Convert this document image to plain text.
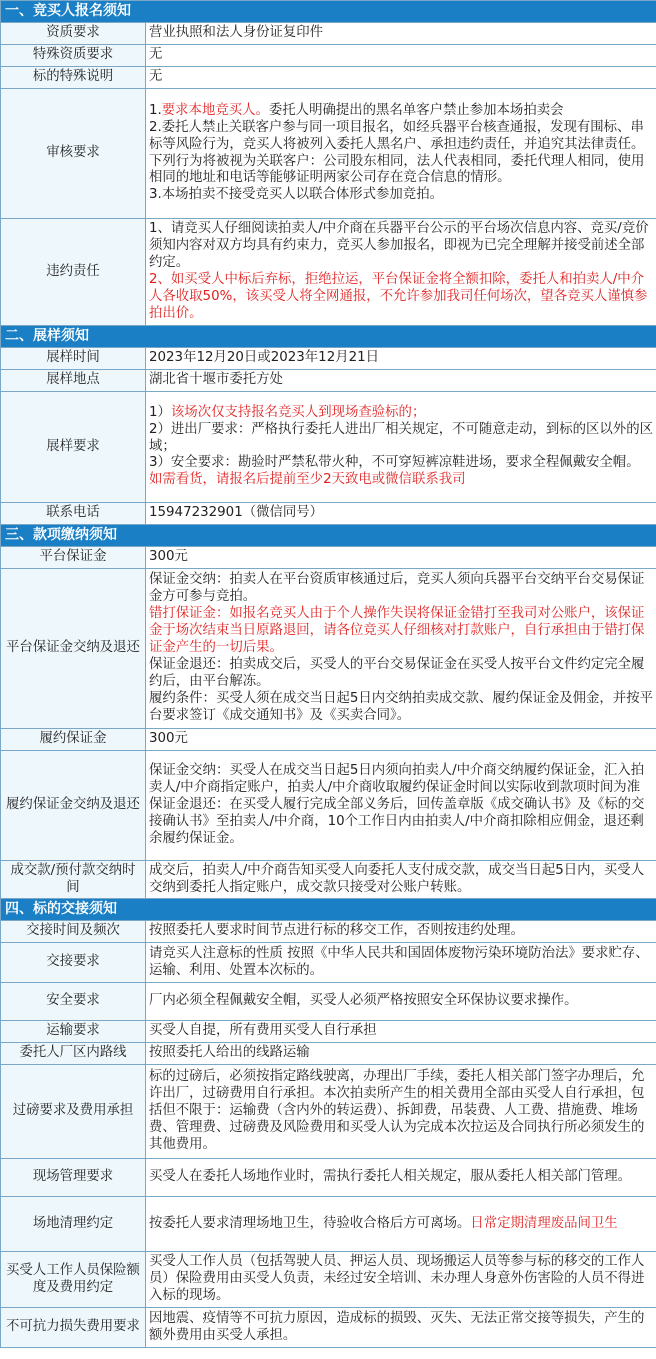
一、竞买人报名须知	
资质要求	营业执照和法人身份证复印件
特殊资质要求	无
标的特殊说明	无
审核要求	1.要求本地竞买人。委托人明确提出的黑名单客户禁止参加本场拍卖会
2.委托人禁止关联客户参与同一项目报名，如经兵器平台核查通报，发现有围标、串标等风险行为，竞买人将被列入委托人黑名户、承担违约责任，并追究其法律责任。下列行为将被视为关联客户：公司股东相同，法人代表相同，委托代理人相同，使用相同的地址和电话等能够证明两家公司存在竞合信息的情形。
3.本场拍卖不接受竞买人以联合体形式参加竞拍。

违约责任	1、请竞买人仔细阅读拍卖人/中介商在兵器平台公示的平台场次信息内容、竞买/竞价须知内容对双方均具有约束力，竞买人参加报名，即视为已完全理解并接受前述全部约定。
2、如买受人中标后弃标，拒绝拉运，平台保证金将全额扣除，委托人和拍卖人/中介人各收取50%，该买受人将全网通报，不允许参加我司任何场次，望各竞买人谨慎参拍出价。

二、展样须知	
展样时间	2023年12月20日或2023年12月21日
展样地点	湖北省十堰市委托方处
展样要求	1）该场次仅支持报名竞买人到现场查验标的；
2）进出厂要求：严格执行委托人进出厂相关规定，不可随意走动，到标的区以外的区域；
3）安全要求：勘验时严禁私带火种，不可穿短裤凉鞋进场，要求全程佩戴安全帽。
如需看货，请报名后提前至少2天致电或微信联系我司

联系电话	15947232901（微信同号）
三、款项缴纳须知	
平台保证金	300元
平台保证金交纳及退还	保证金交纳：拍卖人在平台资质审核通过后，竞买人须向兵器平台交纳平台交易保证金方可参与竞拍。
错打保证金：如报名竞买人由于个人操作失误将保证金错打至我司对公账户，该保证金于场次结束当日原路退回，请各位竞买人仔细核对打款账户，自行承担由于错打保证金产生的一切后果。
保证金退还：拍卖成交后，买受人的平台交易保证金在买受人按平台文件约定完全履约后，由平台解冻。
履约条件：买受人须在成交当日起5日内交纳拍卖成交款、履约保证金及佣金，并按平台要求签订《成交通知书》及《买卖合同》。

履约保证金	300元
履约保证金交纳及退还	保证金交纳：买受人在成交当日起5日内须向拍卖人/中介商交纳履约保证金，汇入拍卖人/中介商指定账户，拍卖人/中介商收取履约保证金时间以实际收到款项时间为准
保证金退还：在买受人履行完成全部义务后，回传盖章版《成交确认书》及《标的交接确认书》至拍卖人/中介商，10个工作日内由拍卖人/中介商扣除相应佣金，退还剩余履约保证金。

成交款/预付款交纳时间	成交后，拍卖人/中介商告知买受人向委托人支付成交款，成交当日起5日内，买受人交纳到委托人指定账户，成交款只接受对公账户转账。
四、标的交接须知	
交接时间及频次	按照委托人要求时间节点进行标的移交工作，否则按违约处理。
交接要求	请竞买人注意标的性质 按照《中华人民共和国固体废物污染环境防治法》要求贮存、运输、利用、处置本次标的。
安全要求	厂内必须全程佩戴安全帽，买受人必须严格按照安全环保协议要求操作。
运输要求	买受人自提，所有费用买受人自行承担
委托人厂区内路线	按照委托人给出的线路运输
过磅要求及费用承担	标的过磅后，必须按指定路线驶离，办理出厂手续，委托人相关部门签字办理后，允许出厂，过磅费用自行承担。本次拍卖所产生的相关费用全部由买受人自行承担，包括但不限于：运输费（含内外的转运费）、拆卸费，吊装费、人工费、措施费、堆场费、管理费、过磅费及风险费用和买受人认为完成本次拉运及合同执行所必须发生的其他费用。
现场管理要求	买受人在委托人场地作业时，需执行委托人相关规定，服从委托人相关部门管理。
场地清理约定	按委托人要求清理场地卫生，待验收合格后方可离场。日常定期清理废品间卫生
买受人工作人员保险额度及费用约定	买受人工作人员（包括驾驶人员、押运人员、现场搬运人员等参与标的移交的工作人员）保险费用由买受人负责，未经过安全培训、未办理人身意外伤害险的人员不得进入标的现场。
不可抗力损失费用要求	因地震、疫情等不可抗力原因，造成标的损毁、灭失、无法正常交接等损失，产生的额外费用由买受人承担。
